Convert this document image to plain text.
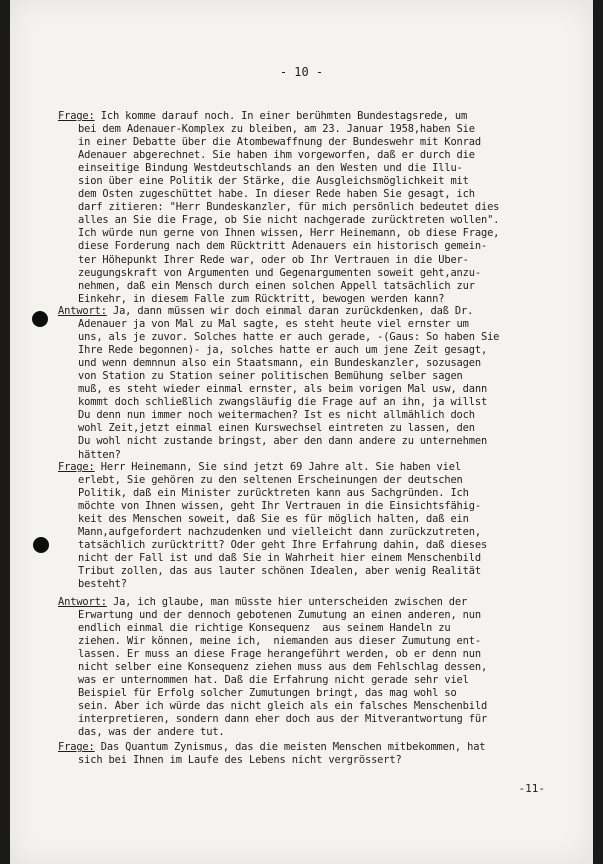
- 10 -
Frage: Ich komme darauf noch. In einer berühmten Bundestagsrede, um
bei dem Adenauer-Komplex zu bleiben, am 23. Januar 1958,haben Sie
in einer Debatte über die Atombewaffnung der Bundeswehr mit Konrad
Adenauer abgerechnet. Sie haben ihm vorgeworfen, daß er durch die
einseitige Bindung Westdeutschlands an den Westen und die Illu-
sion über eine Politik der Stärke, die Ausgleichsmöglichkeit mit
dem Osten zugeschüttet habe. In dieser Rede haben Sie gesagt, ich
darf zitieren: "Herr Bundeskanzler, für mich persönlich bedeutet dies
alles an Sie die Frage, ob Sie nicht nachgerade zurücktreten wollen".
Ich würde nun gerne von Ihnen wissen, Herr Heinemann, ob diese Frage,
diese Forderung nach dem Rücktritt Adenauers ein historisch gemein-
ter Höhepunkt Ihrer Rede war, oder ob Ihr Vertrauen in die Über-
zeugungskraft von Argumenten und Gegenargumenten soweit geht,anzu-
nehmen, daß ein Mensch durch einen solchen Appell tatsächlich zur
Einkehr, in diesem Falle zum Rücktritt, bewogen werden kann?
Antwort: Ja, dann müssen wir doch einmal daran zurückdenken, daß Dr.
Adenauer ja von Mal zu Mal sagte, es steht heute viel ernster um
uns, als je zuvor. Solches hatte er auch gerade, -(Gaus: So haben Sie
Ihre Rede begonnen)- ja, solches hatte er auch um jene Zeit gesagt,
und wenn demnnun also ein Staatsmann, ein Bundeskanzler, sozusagen
von Station zu Station seiner politischen Bemühung selber sagen
muß, es steht wieder einmal ernster, als beim vorigen Mal usw, dann
kommt doch schließlich zwangsläufig die Frage auf an ihn, ja willst
Du denn nun immer noch weitermachen? Ist es nicht allmählich doch
wohl Zeit,jetzt einmal einen Kurswechsel eintreten zu lassen, den
Du wohl nicht zustande bringst, aber den dann andere zu unternehmen
hätten?
Frage: Herr Heinemann, Sie sind jetzt 69 Jahre alt. Sie haben viel
erlebt, Sie gehören zu den seltenen Erscheinungen der deutschen
Politik, daß ein Minister zurücktreten kann aus Sachgründen. Ich
möchte von Ihnen wissen, geht Ihr Vertrauen in die Einsichtsfähig-
keit des Menschen soweit, daß Sie es für möglich halten, daß ein
Mann,aufgefordert nachzudenken und vielleicht dann zurückzutreten,
tatsächlich zurücktritt? Oder geht Ihre Erfahrung dahin, daß dieses
nicht der Fall ist und daß Sie in Wahrheit hier einem Menschenbild
Tribut zollen, das aus lauter schönen Idealen, aber wenig Realität
besteht?
Antwort: Ja, ich glaube, man müsste hier unterscheiden zwischen der
Erwartung und der dennoch gebotenen Zumutung an einen anderen, nun
endlich einmal die richtige Konsequenz  aus seinem Handeln zu
ziehen. Wir können, meine ich,  niemanden aus dieser Zumutung ent-
lassen. Er muss an diese Frage herangeführt werden, ob er denn nun
nicht selber eine Konsequenz ziehen muss aus dem Fehlschlag dessen,
was er unternommen hat. Daß die Erfahrung nicht gerade sehr viel
Beispiel für Erfolg solcher Zumutungen bringt, das mag wohl so
sein. Aber ich würde das nicht gleich als ein falsches Menschenbild
interpretieren, sondern dann eher doch aus der Mitverantwortung für
das, was der andere tut.
Frage: Das Quantum Zynismus, das die meisten Menschen mitbekommen, hat
sich bei Ihnen im Laufe des Lebens nicht vergrössert?
-11-
